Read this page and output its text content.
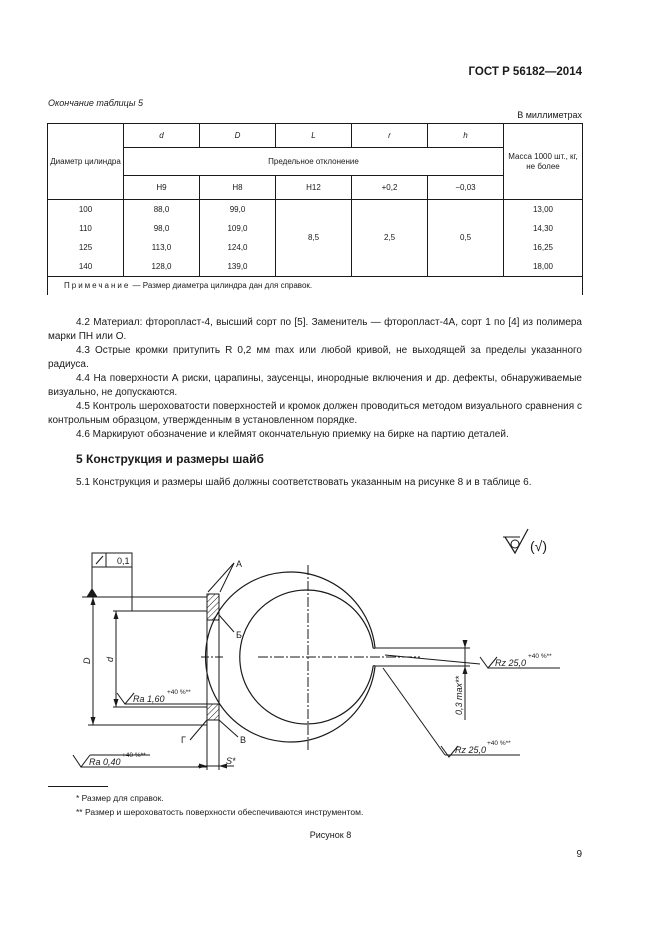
ГОСТ Р 56182—2014
Окончание таблицы 5
В миллиметрах
Диаметр цилиндра	d	D	L	r	h	Масса 1000 шт., кг, не более
	Предельное отклонение					
	Н9	Н8	Н12	+0,2	−0,03	
100	88,0	99,0	8,5	2,5	0,5	13,00
110	98,0	109,0				14,30
125	113,0	124,0				16,25
140	128,0	139,0				18,00
Примечание — Размер диаметра цилиндра дан для справок.						

4.2 Материал: фторопласт-4, высший сорт по [5]. Заменитель — фторопласт-4А, сорт 1 по [4] из полимера марки ПН или О.

4.3 Острые кромки притупить R 0,2 мм max или любой кривой, не выходящей за пределы указанного радиуса.

4.4 На поверхности А риски, царапины, заусенцы, инородные включения и др. дефекты, обнаруживаемые визуально, не допускаются.

4.5 Контроль шероховатости поверхностей и кромок должен проводиться методом визуального сравнения с контрольным образцом, утвержденным в установленном порядке.

4.6 Маркируют обозначение и клеймят окончательную приемку на бирке на партию деталей.

5 Конструкция и размеры шайб
5.1 Конструкция и размеры шайб должны соответствовать указанным на рисунке 8 и в таблице 6.
0,1	А
Б
Г	В
S*
D d
Ra 1,60
+40 %**
Ra 0,40
+40 %**
Rz 25,0
+40 %**
Rz 25,0
+40 %**
0,3 max**
(√)
* Размер для справок.
** Размер и шероховатость поверхности обеспечиваются инструментом.
Рисунок 8
9
